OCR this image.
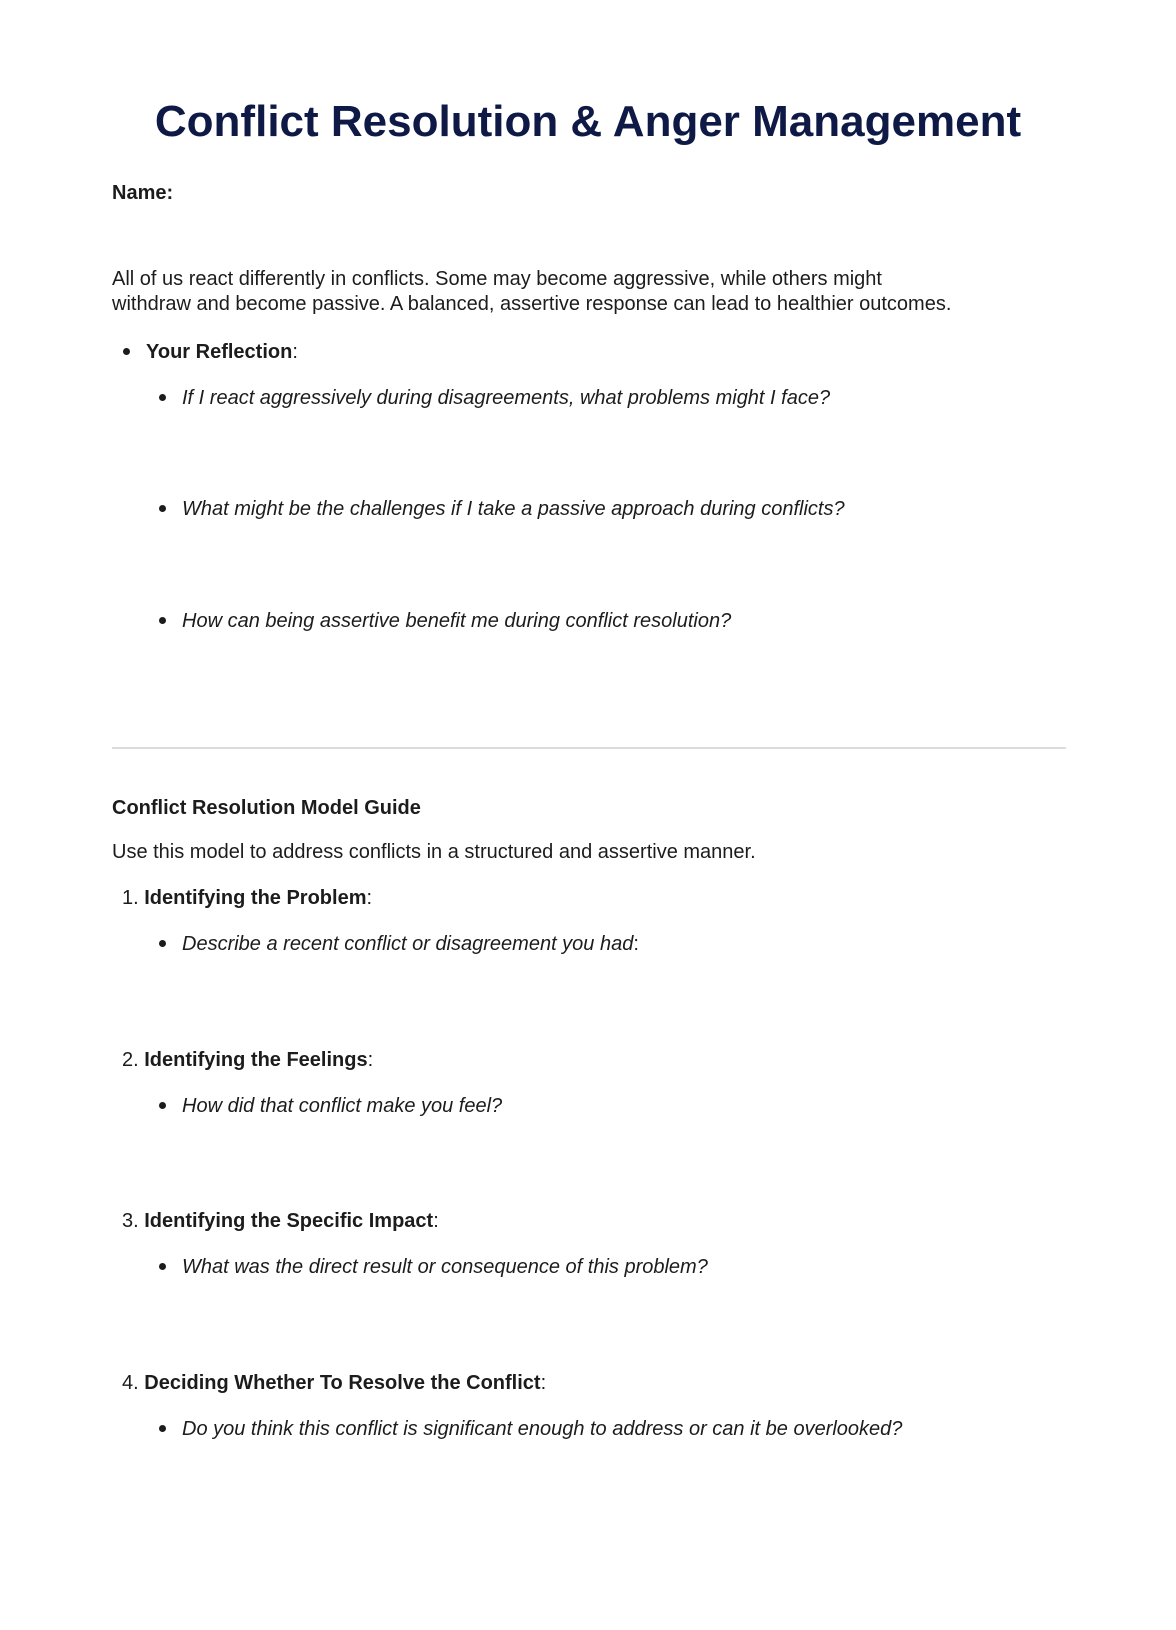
Conflict Resolution & Anger Management
Name:
All of us react differently in conflicts. Some may become aggressive, while others might
withdraw and become passive. A balanced, assertive response can lead to healthier outcomes.
Your Reflection:
If I react aggressively during disagreements, what problems might I face?
What might be the challenges if I take a passive approach during conflicts?
How can being assertive benefit me during conflict resolution?
Conflict Resolution Model Guide
Use this model to address conflicts in a structured and assertive manner.
1. Identifying the Problem:
Describe a recent conflict or disagreement you had:
2. Identifying the Feelings:
How did that conflict make you feel?
3. Identifying the Specific Impact:
What was the direct result or consequence of this problem?
4. Deciding Whether To Resolve the Conflict:
Do you think this conflict is significant enough to address or can it be overlooked?
